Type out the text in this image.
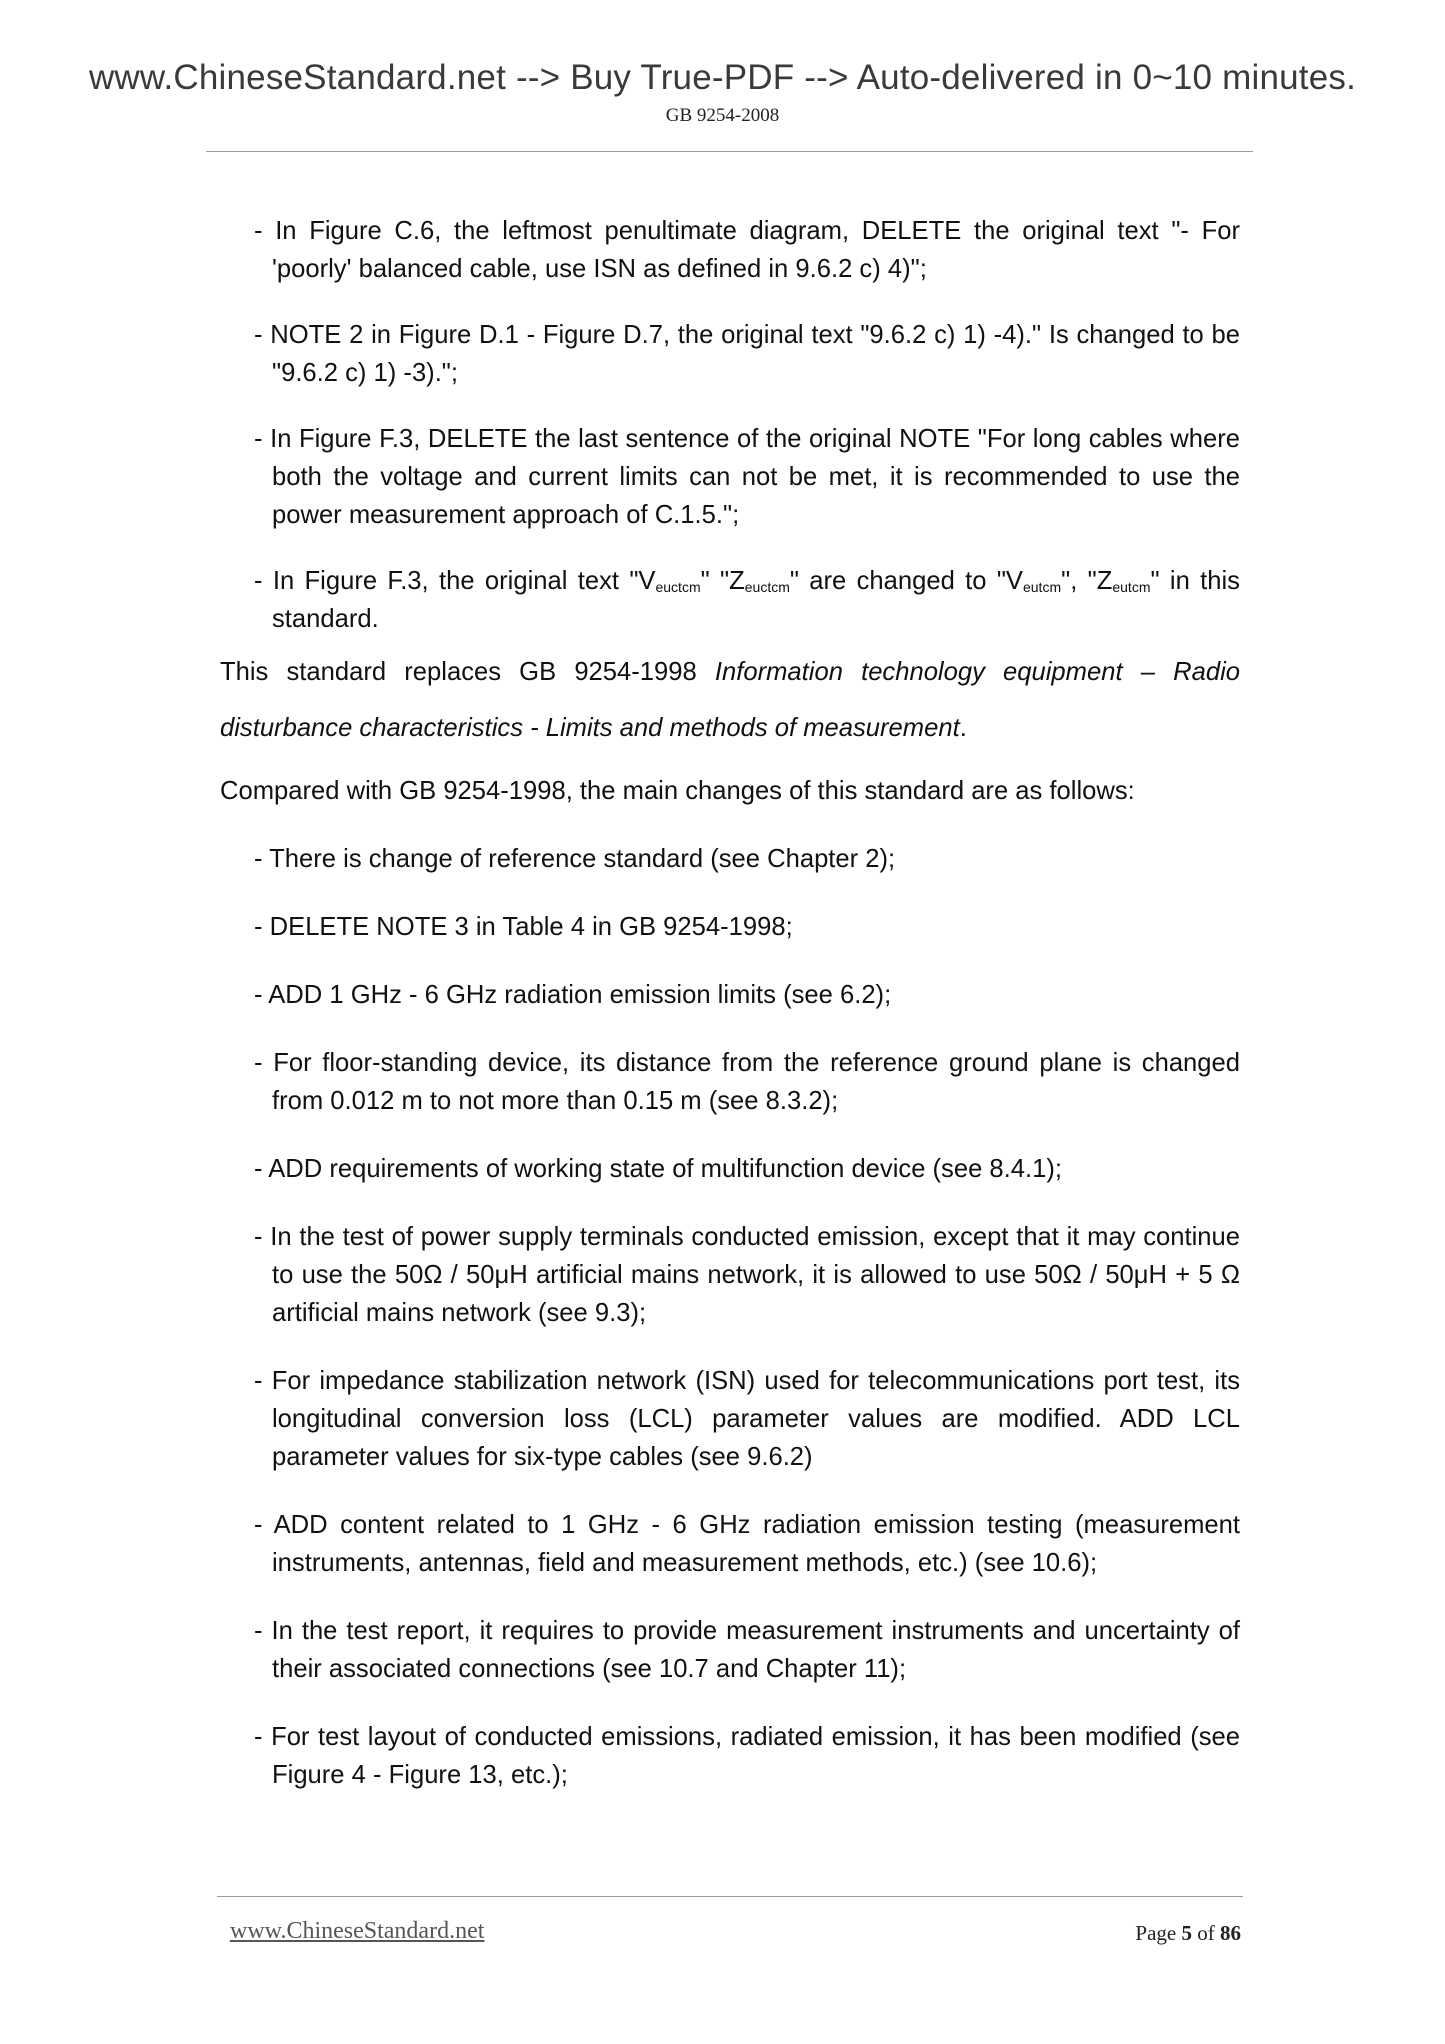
www.ChineseStandard.net --> Buy True-PDF --> Auto-delivered in 0~10 minutes.
GB 9254-2008
- In Figure C.6, the leftmost penultimate diagram, DELETE the original text "- For 'poorly' balanced cable, use ISN as defined in 9.6.2 c) 4)";
- NOTE 2 in Figure D.1 - Figure D.7, the original text "9.6.2 c) 1) -4)." Is changed to be "9.6.2 c) 1) -3).";
- In Figure F.3, DELETE the last sentence of the original NOTE "For long cables where both the voltage and current limits can not be met, it is recommended to use the power measurement approach of C.1.5.";
- In Figure F.3, the original text "$V_{euctcm}$" "$Z_{euctcm}$" are changed to "$V_{eutcm}$", "$Z_{eutcm}$" in this standard.
This standard replaces GB 9254-1998 Information technology equipment – Radio disturbance characteristics - Limits and methods of measurement.
Compared with GB 9254-1998, the main changes of this standard are as follows:
- There is change of reference standard (see Chapter 2);
- DELETE NOTE 3 in Table 4 in GB 9254-1998;
- ADD 1 GHz - 6 GHz radiation emission limits (see 6.2);
- For floor-standing device, its distance from the reference ground plane is changed from 0.012 m to not more than 0.15 m (see 8.3.2);
- ADD requirements of working state of multifunction device (see 8.4.1);
- In the test of power supply terminals conducted emission, except that it may continue to use the 50Ω / 50μH artificial mains network, it is allowed to use 50Ω / 50μH + 5 Ω artificial mains network (see 9.3);
- For impedance stabilization network (ISN) used for telecommunications port test, its longitudinal conversion loss (LCL) parameter values are modified. ADD LCL parameter values for six-type cables (see 9.6.2)
- ADD content related to 1 GHz - 6 GHz radiation emission testing (measurement instruments, antennas, field and measurement methods, etc.) (see 10.6);
- In the test report, it requires to provide measurement instruments and uncertainty of their associated connections (see 10.7 and Chapter 11);
- For test layout of conducted emissions, radiated emission, it has been modified (see Figure 4 - Figure 13, etc.);
www.ChineseStandard.net	Page 5 of 86
